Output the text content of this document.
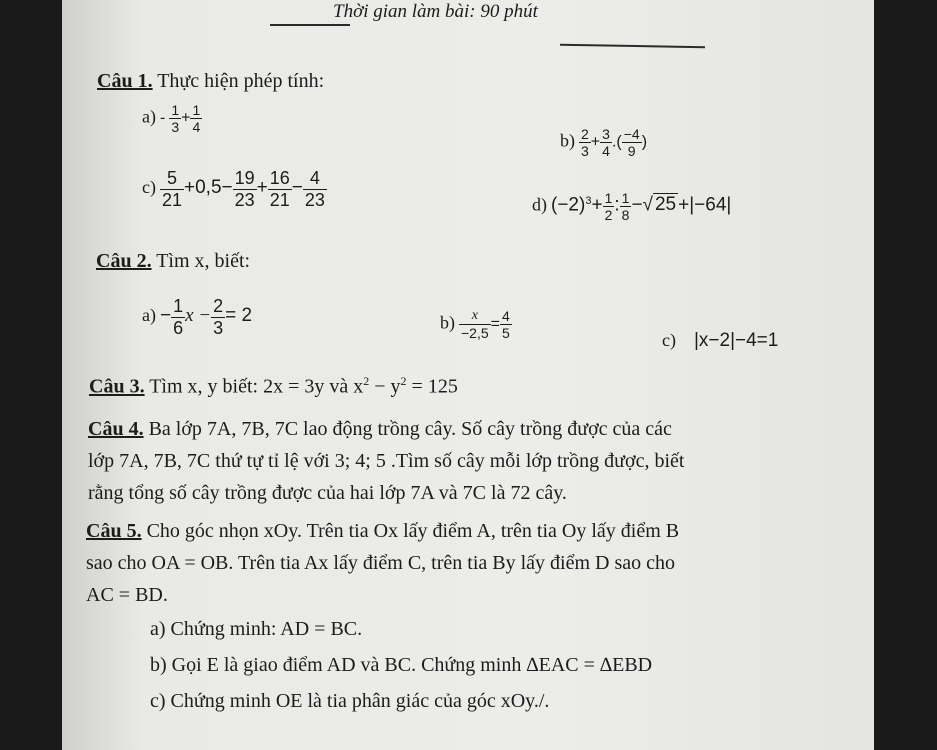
Thời gian làm bài: 90 phút
Câu 1. Thực hiện phép tính:
$a) - \frac{1}{3} + \frac{1}{4}$
$b) \frac{2}{3} + \frac{3}{4}$ .( $\frac{-4}{9}$ )
$c) \frac{5}{21} +0,5- \frac{19}{23} + \frac{16}{21} - \frac{4}{23}$	d) $(-2)^3+ \frac{1}{2}$ : $\frac{1}{8}$ −√ 25 +|−64|
Câu 2. Tìm x, biết:
$a) - \frac{1}{6}$ $x - \frac{2}{3} = 2$	$b) \frac{x}{-2,5} = \frac{4}{5}$	c) |x−2|−4=1
Câu 3. Tìm x, y biết: 2x = 3y và $x^2 - y^2 = 125$
Câu 4. Ba lớp 7A, 7B, 7C lao động trồng cây. Số cây trồng được của các
lớp 7A, 7B, 7C thứ tự tỉ lệ với 3; 4; 5 .Tìm số cây mỗi lớp trồng được, biết
rằng tổng số cây trồng được của hai lớp 7A và 7C là 72 cây.
Câu 5. Cho góc nhọn xOy. Trên tia Ox lấy điểm A, trên tia Oy lấy điểm B
sao cho OA = OB. Trên tia Ax lấy điểm C, trên tia By lấy điểm D sao cho
AC = BD.
a) Chứng minh: AD = BC.
b) Gọi E là giao điểm AD và BC. Chứng minh ∆EAC = ∆EBD
c) Chứng minh OE là tia phân giác của góc xOy./.
